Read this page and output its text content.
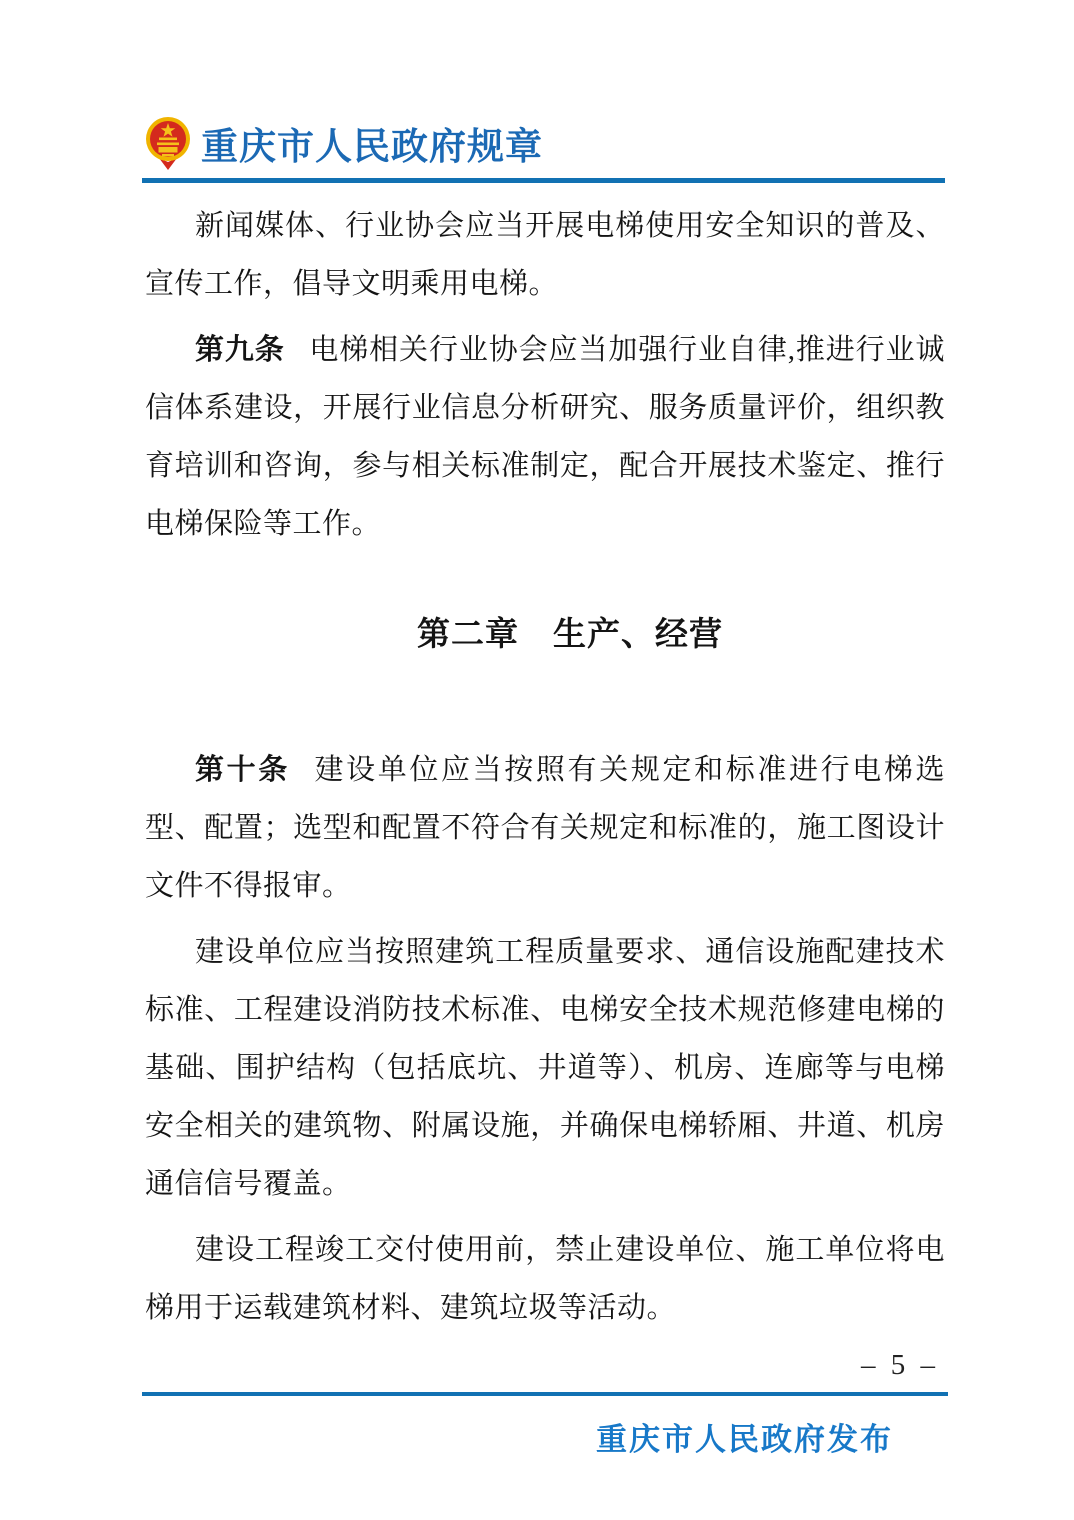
重庆市人民政府规章

新闻媒体、行业协会应当开展电梯使用安全知识的普及、宣传工作，倡导文明乘用电梯。

第九条 电梯相关行业协会应当加强行业自律,推进行业诚信体系建设，开展行业信息分析研究、服务质量评价，组织教育培训和咨询，参与相关标准制定，配合开展技术鉴定、推行电梯保险等工作。

第二章　生产、经营

第十条 建设单位应当按照有关规定和标准进行电梯选型、配置；选型和配置不符合有关规定和标准的，施工图设计文件不得报审。

建设单位应当按照建筑工程质量要求、通信设施配建技术标准、工程建设消防技术标准、电梯安全技术规范修建电梯的基础、围护结构（包括底坑、井道等）、机房、连廊等与电梯安全相关的建筑物、附属设施，并确保电梯轿厢、井道、机房通信信号覆盖。

建设工程竣工交付使用前，禁止建设单位、施工单位将电梯用于运载建筑材料、建筑垃圾等活动。

– 5 –
重庆市人民政府发布
